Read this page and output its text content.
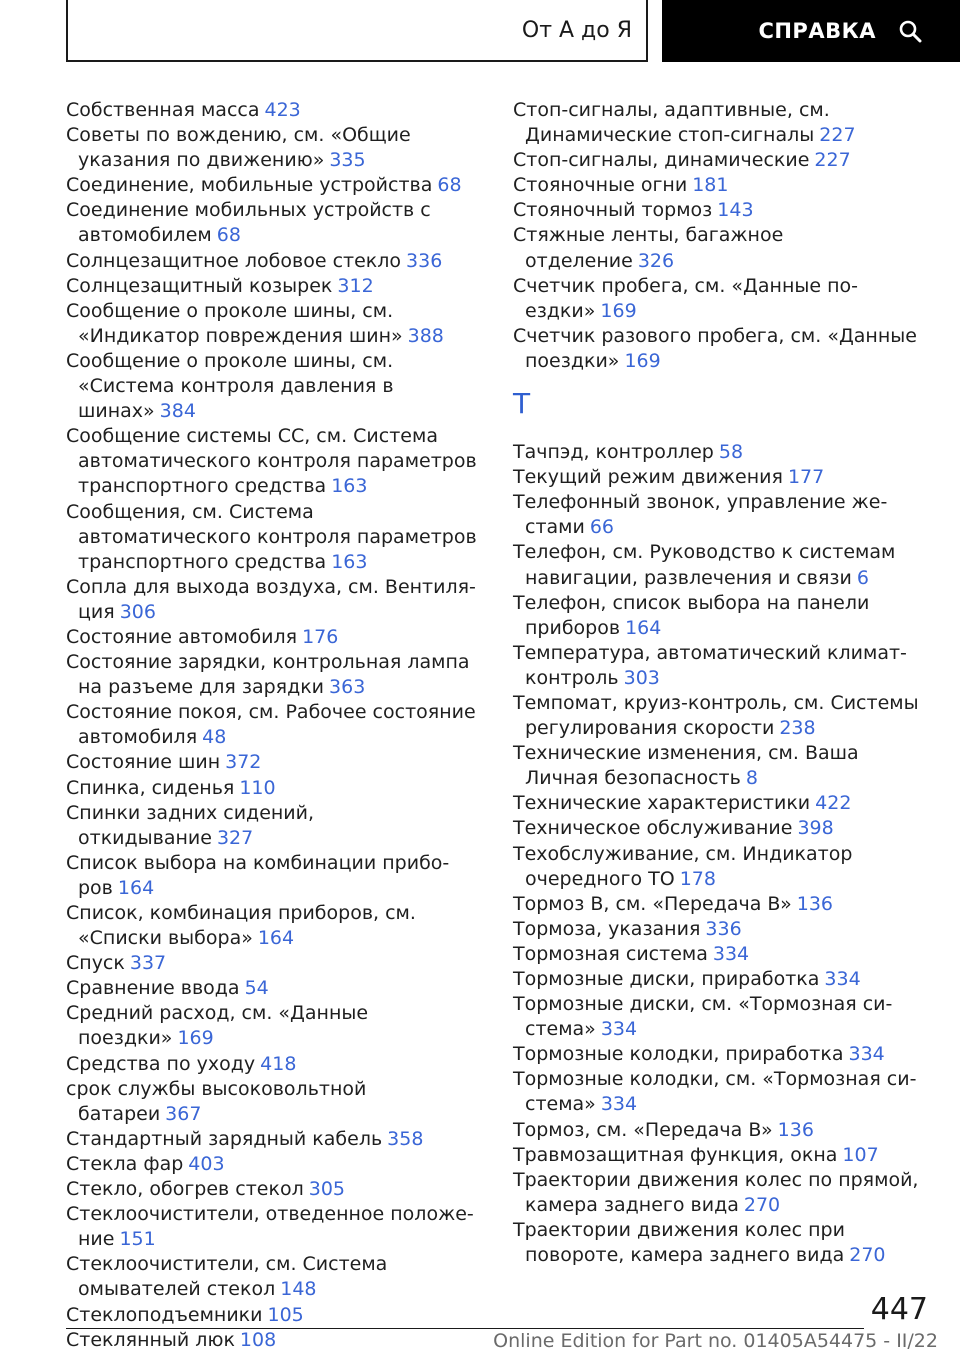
От А до Я	СПРАВКА
Собственная масса 423
Советы по вождению, см. «Общие указания по движению» 335
Соединение, мобильные устройства 68
Соединение мобильных устройств с автомобилем 68
Солнцезащитное лобовое стекло 336
Солнцезащитный козырек 312
Сообщение о проколе шины, см. «Индикатор повреждения шин» 388
Сообщение о проколе шины, см. «Система контроля давления в шинах» 384
Сообщение системы CC, см. Система автоматического контроля параметров транспортного средства 163
Сообщения, см. Система автоматического контроля параметров транспортного средства 163
Сопла для выхода воздуха, см. Вентиляция 306
Состояние автомобиля 176
Состояние зарядки, контрольная лампа на разъеме для зарядки 363
Состояние покоя, см. Рабочее состояние автомобиля 48
Состояние шин 372
Спинка, сиденья 110
Спинки задних сидений, откидывание 327
Список выбора на комбинации приборов 164
Список, комбинация приборов, см. «Списки выбора» 164
Спуск 337
Сравнение ввода 54
Средний расход, см. «Данные поездки» 169
Средства по уходу 418
срок службы высоковольтной батареи 367
Стандартный зарядный кабель 358
Стекла фар 403
Стекло, обогрев стекол 305
Стеклоочистители, отведенное положение 151
Стеклоочистители, см. Система омывателей стекол 148
Стеклоподъемники 105
Стеклянный люк 108
Стоп-сигналы, адаптивные, см. Динамические стоп-сигналы 227
Стоп-сигналы, динамические 227
Стояночные огни 181
Стояночный тормоз 143
Стяжные ленты, багажное отделение 326
Счетчик пробега, см. «Данные поездки» 169
Счетчик разового пробега, см. «Данные поездки» 169
Т
Тачпэд, контроллер 58
Текущий режим движения 177
Телефонный звонок, управление жестами 66
Телефон, см. Руководство к системам навигации, развлечения и связи 6
Телефон, список выбора на панели приборов 164
Температура, автоматический климат-контроль 303
Темпомат, круиз-контроль, см. Системы регулирования скорости 238
Технические изменения, см. Ваша Личная безопасность 8
Технические характеристики 422
Техническое обслуживание 398
Техобслуживание, см. Индикатор очередного ТО 178
Тормоз B, см. «Передача B» 136
Тормоза, указания 336
Тормозная система 334
Тормозные диски, приработка 334
Тормозные диски, см. «Тормозная система» 334
Тормозные колодки, приработка 334
Тормозные колодки, см. «Тормозная система» 334
Тормоз, см. «Передача B» 136
Травмозащитная функция, окна 107
Траектории движения колес по прямой, камера заднего вида 270
Траектории движения колес при повороте, камера заднего вида 270
447
Online Edition for Part no. 01405A54475 - II/22
